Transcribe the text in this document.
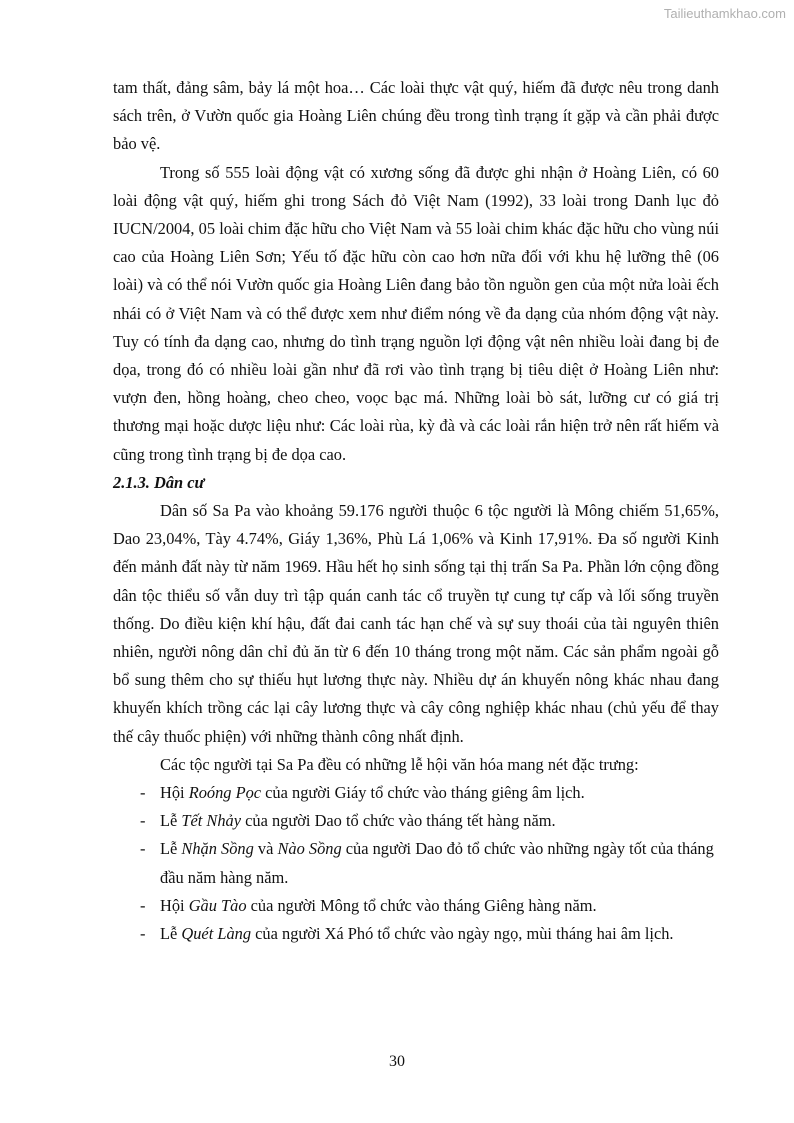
Tailieuthamkhao.com

tam thất, đảng sâm, bảy lá một hoa… Các loài thực vật quý, hiếm đã được nêu trong danh sách trên, ở Vườn quốc gia Hoàng Liên chúng đều trong tình trạng ít gặp và cần phải được bảo vệ.

Trong số 555 loài động vật có xương sống đã được ghi nhận ở Hoàng Liên, có 60 loài động vật quý, hiếm ghi trong Sách đỏ Việt Nam (1992), 33 loài trong Danh lục đỏ IUCN/2004, 05 loài chim đặc hữu cho Việt Nam và 55 loài chim khác đặc hữu cho vùng núi cao của Hoàng Liên Sơn; Yếu tố đặc hữu còn cao hơn nữa đối với khu hệ lưỡng thê (06 loài) và có thể nói Vườn quốc gia Hoàng Liên đang bảo tồn nguồn gen của một nửa loài ếch nhái có ở Việt Nam và có thể được xem như điểm nóng về đa dạng của nhóm động vật này. Tuy có tính đa dạng cao, nhưng do tình trạng nguồn lợi động vật nên nhiều loài đang bị đe dọa, trong đó có nhiều loài gần như đã rơi vào tình trạng bị tiêu diệt ở Hoàng Liên như: vượn đen, hồng hoàng, cheo cheo, voọc bạc má. Những loài bò sát, lưỡng cư có giá trị thương mại hoặc dược liệu như: Các loài rùa, kỳ đà và các loài rắn hiện trở nên rất hiếm và cũng trong tình trạng bị đe dọa cao.

2.1.3. Dân cư

Dân số Sa Pa vào khoảng 59.176 người thuộc 6 tộc người là Mông chiếm 51,65%, Dao 23,04%, Tày 4.74%, Giáy 1,36%, Phù Lá 1,06% và Kinh 17,91%. Đa số người Kinh đến mảnh đất này từ năm 1969. Hầu hết họ sinh sống tại thị trấn Sa Pa. Phần lớn cộng đồng dân tộc thiểu số vẫn duy trì tập quán canh tác cổ truyền tự cung tự cấp và lối sống truyền thống. Do điều kiện khí hậu, đất đai canh tác hạn chế và sự suy thoái của tài nguyên thiên nhiên, người nông dân chỉ đủ ăn từ 6 đến 10 tháng trong một năm. Các sản phẩm ngoài gỗ bổ sung thêm cho sự thiếu hụt lương thực này. Nhiều dự án khuyến nông khác nhau đang khuyến khích trồng các lại cây lương thực và cây công nghiệp khác nhau (chủ yếu để thay thế cây thuốc phiện) với những thành công nhất định.

Các tộc người tại Sa Pa đều có những lễ hội văn hóa mang nét đặc trưng:

- Hội Roóng Pọc của người Giáy tổ chức vào tháng giêng âm lịch.
- Lễ Tết Nhảy của người Dao tổ chức vào tháng tết hàng năm.
- Lễ Nhặn Sồng và Nào Sồng của người Dao đỏ tổ chức vào những ngày tốt của tháng đầu năm hàng năm.
- Hội Gầu Tào của người Mông tổ chức vào tháng Giêng hàng năm.
- Lễ Quét Làng của người Xá Phó tổ chức vào ngày ngọ, mùi tháng hai âm lịch.
30
